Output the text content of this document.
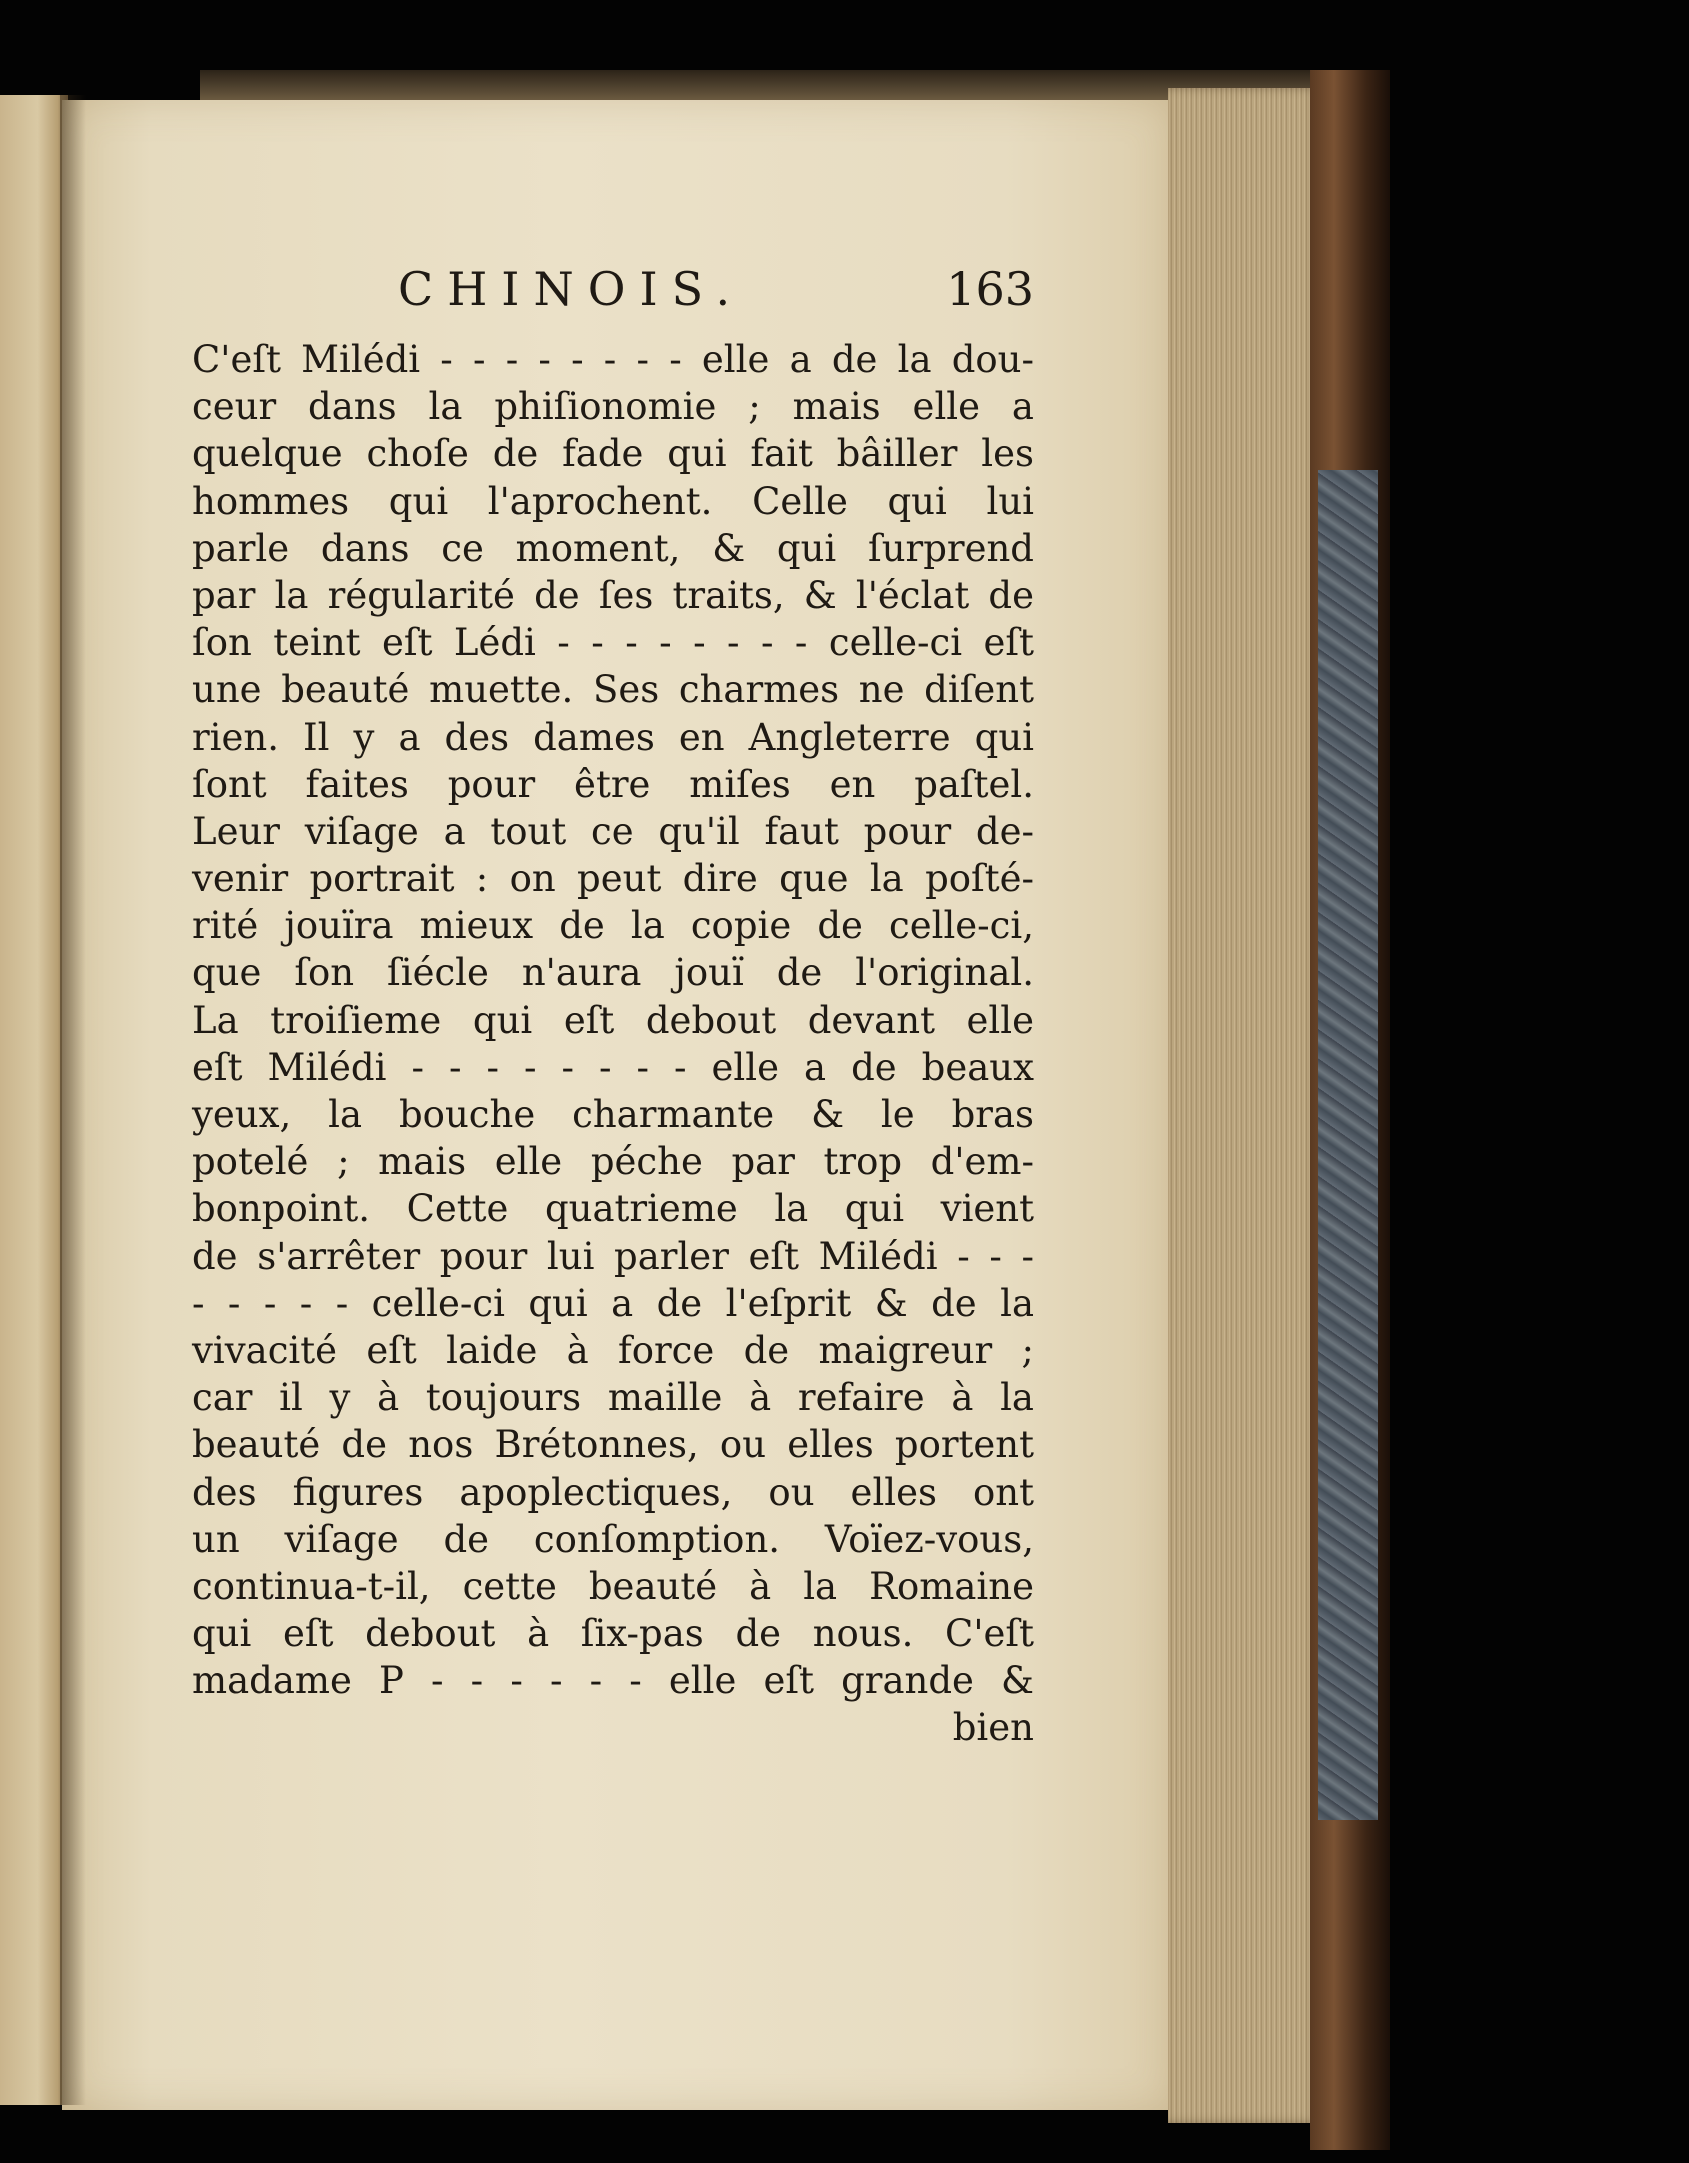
CHINOIS.	163
C'eſt Milédi - - - - - - - - elle a de la dou-
ceur dans la phiſionomie ; mais elle a
quelque choſe de fade qui fait bâiller les
hommes qui l'aprochent. Celle qui lui
parle dans ce moment, & qui ſurprend
par la régularité de ſes traits, & l'éclat de
ſon teint eſt Lédi - - - - - - - - celle-ci eſt
une beauté muette. Ses charmes ne diſent
rien. Il y a des dames en Angleterre qui
ſont faites pour être miſes en paſtel.
Leur viſage a tout ce qu'il faut pour de-
venir portrait : on peut dire que la poſté-
rité jouïra mieux de la copie de celle-ci,
que ſon ſiécle n'aura jouï de l'original.
La troiſieme qui eſt debout devant elle
eſt Milédi - - - - - - - - elle a de beaux
yeux, la bouche charmante & le bras
potelé ; mais elle péche par trop d'em-
bonpoint. Cette quatrieme la qui vient
de s'arrêter pour lui parler eſt Milédi - - -
- - - - - celle-ci qui a de l'eſprit & de la
vivacité eſt laide à force de maigreur ;
car il y à toujours maille à refaire à la
beauté de nos Brétonnes, ou elles portent
des figures apoplectiques, ou elles ont
un viſage de conſomption. Voïez-vous,
continua-t-il, cette beauté à la Romaine
qui eſt debout à ſix-pas de nous. C'eſt
madame P - - - - - - elle eſt grande &
bien
